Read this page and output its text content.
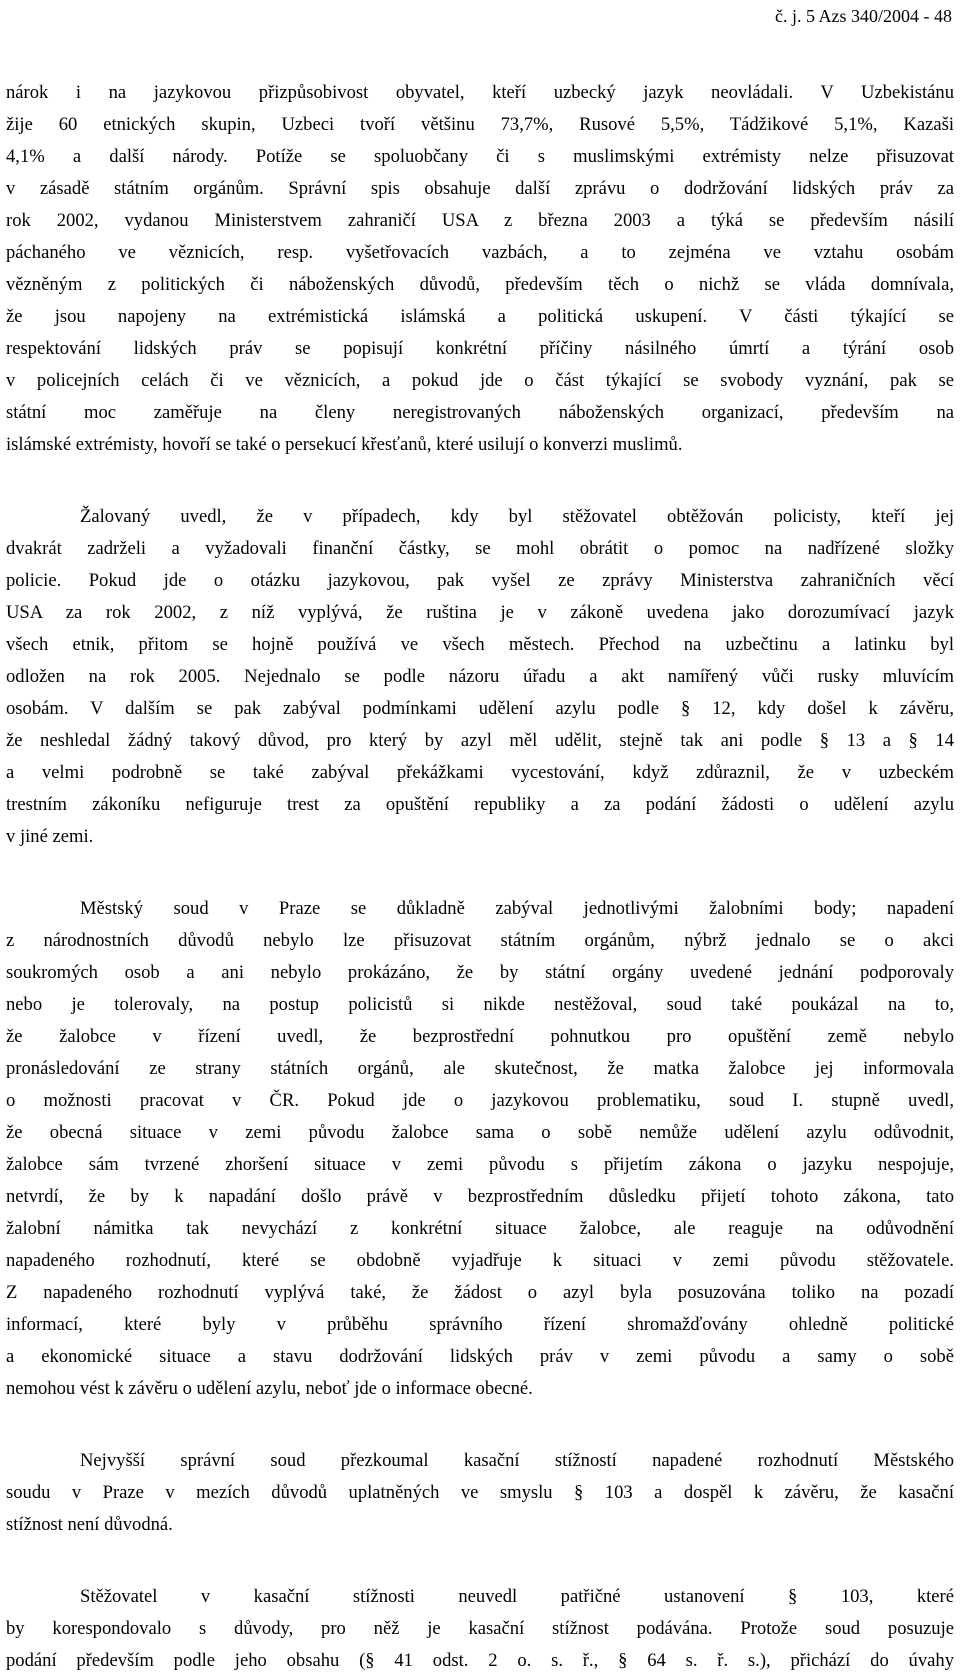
č. j. 5 Azs 340/2004 - 48
nárok i na jazykovou přizpůsobivost obyvatel, kteří uzbecký jazyk neovládali. V Uzbekistánu
žije 60 etnických skupin, Uzbeci tvoří většinu 73,7%, Rusové 5,5%, Tádžikové 5,1%, Kazaši
4,1% a další národy. Potíže se spoluobčany či s muslimskými extrémisty nelze přisuzovat
v zásadě státním orgánům. Správní spis obsahuje další zprávu o dodržování lidských práv za
rok 2002, vydanou Ministerstvem zahraničí USA z března 2003 a týká se především násilí
páchaného ve věznicích, resp. vyšetřovacích vazbách, a to zejména ve vztahu osobám
vězněným z politických či náboženských důvodů, především těch o nichž se vláda domnívala,
že jsou napojeny na extrémistická islámská a politická uskupení. V části týkající se
respektování lidských práv se popisují konkrétní příčiny násilného úmrtí a týrání osob
v policejních celách či ve věznicích, a pokud jde o část týkající se svobody vyznání, pak se
státní moc zaměřuje na členy neregistrovaných náboženských organizací, především na
islámské extrémisty, hovoří se také o persekucí křesťanů, které usilují o konverzi muslimů.
Žalovaný uvedl, že v případech, kdy byl stěžovatel obtěžován policisty, kteří jej
dvakrát zadrželi a vyžadovali finanční částky, se mohl obrátit o pomoc na nadřízené složky
policie. Pokud jde o otázku jazykovou, pak vyšel ze zprávy Ministerstva zahraničních věcí
USA za rok 2002, z níž vyplývá, že ruština je v zákoně uvedena jako dorozumívací jazyk
všech etnik, přitom se hojně používá ve všech městech. Přechod na uzbečtinu a latinku byl
odložen na rok 2005. Nejednalo se podle názoru úřadu a akt namířený vůči rusky mluvícím
osobám. V dalším se pak zabýval podmínkami udělení azylu podle § 12, kdy došel k závěru,
že neshledal žádný takový důvod, pro který by azyl měl udělit, stejně tak ani podle § 13 a § 14
a velmi podrobně se také zabýval překážkami vycestování, když zdůraznil, že v uzbeckém
trestním zákoníku nefiguruje trest za opuštění republiky a za podání žádosti o udělení azylu
v jiné zemi.
Městský soud v Praze se důkladně zabýval jednotlivými žalobními body; napadení
z národnostních důvodů nebylo lze přisuzovat státním orgánům, nýbrž jednalo se o akci
soukromých osob a ani nebylo prokázáno, že by státní orgány uvedené jednání podporovaly
nebo je tolerovaly, na postup policistů si nikde nestěžoval, soud také poukázal na to,
že žalobce v řízení uvedl, že bezprostřední pohnutkou pro opuštění země nebylo
pronásledování ze strany státních orgánů, ale skutečnost, že matka žalobce jej informovala
o možnosti pracovat v ČR. Pokud jde o jazykovou problematiku, soud I. stupně uvedl,
že obecná situace v zemi původu žalobce sama o sobě nemůže udělení azylu odůvodnit,
žalobce sám tvrzené zhoršení situace v zemi původu s přijetím zákona o jazyku nespojuje,
netvrdí, že by k napadání došlo právě v bezprostředním důsledku přijetí tohoto zákona, tato
žalobní námitka tak nevychází z konkrétní situace žalobce, ale reaguje na odůvodnění
napadeného rozhodnutí, které se obdobně vyjadřuje k situaci v zemi původu stěžovatele.
Z napadeného rozhodnutí vyplývá také, že žádost o azyl byla posuzována toliko na pozadí
informací, které byly v průběhu správního řízení shromažďovány ohledně politické
a ekonomické situace a stavu dodržování lidských práv v zemi původu a samy o sobě
nemohou vést k závěru o udělení azylu, neboť jde o informace obecné.
Nejvyšší správní soud přezkoumal kasační stížností napadené rozhodnutí Městského
soudu v Praze v mezích důvodů uplatněných ve smyslu § 103 a dospěl k závěru, že kasační
stížnost není důvodná.
Stěžovatel v kasační stížnosti neuvedl patřičné ustanovení § 103, které
by korespondovalo s důvody, pro něž je kasační stížnost podávána. Protože soud posuzuje
podání především podle jeho obsahu (§ 41 odst. 2 o. s. ř., § 64 s. ř. s.), přichází do úvahy
